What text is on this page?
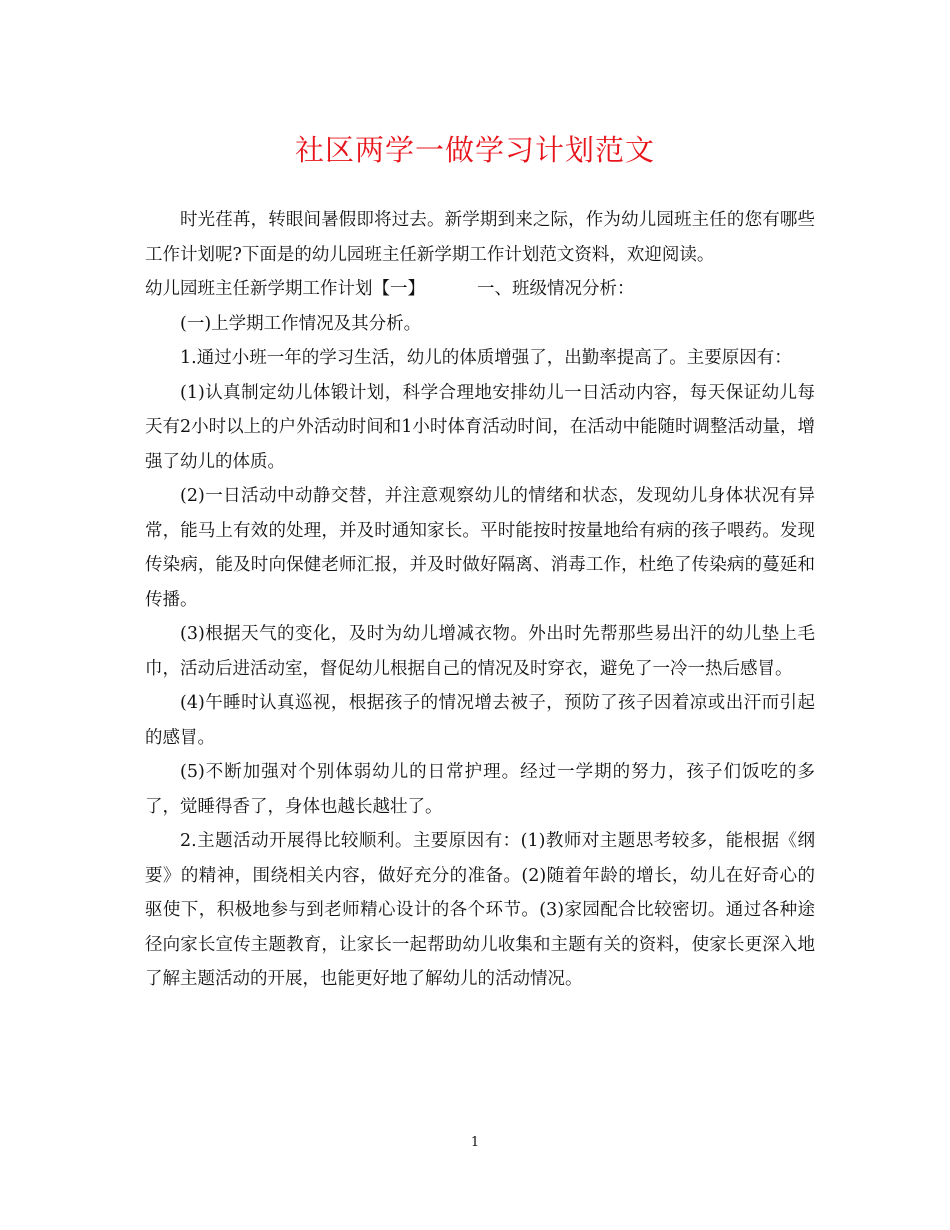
社区两学一做学习计划范文

时光荏苒，转眼间暑假即将过去。新学期到来之际，作为幼儿园班主任的您有哪些工作计划呢?下面是的幼儿园班主任新学期工作计划范文资料，欢迎阅读。

幼儿园班主任新学期工作计划【一】	一、班级情况分析：

(一)上学期工作情况及其分析。

1.通过小班一年的学习生活，幼儿的体质增强了，出勤率提高了。主要原因有：

(1)认真制定幼儿体锻计划，科学合理地安排幼儿一日活动内容，每天保证幼儿每天有2小时以上的户外活动时间和1小时体育活动时间，在活动中能随时调整活动量，增强了幼儿的体质。

(2)一日活动中动静交替，并注意观察幼儿的情绪和状态，发现幼儿身体状况有异常，能马上有效的处理，并及时通知家长。平时能按时按量地给有病的孩子喂药。发现传染病，能及时向保健老师汇报，并及时做好隔离、消毒工作，杜绝了传染病的蔓延和传播。

(3)根据天气的变化，及时为幼儿增减衣物。外出时先帮那些易出汗的幼儿垫上毛巾，活动后进活动室，督促幼儿根据自己的情况及时穿衣，避免了一冷一热后感冒。

(4)午睡时认真巡视，根据孩子的情况增去被子，预防了孩子因着凉或出汗而引起的感冒。

(5)不断加强对个别体弱幼儿的日常护理。经过一学期的努力，孩子们饭吃的多了，觉睡得香了，身体也越长越壮了。

2.主题活动开展得比较顺利。主要原因有：(1)教师对主题思考较多，能根据《纲要》的精神，围绕相关内容，做好充分的准备。(2)随着年龄的增长，幼儿在好奇心的驱使下，积极地参与到老师精心设计的各个环节。(3)家园配合比较密切。通过各种途径向家长宣传主题教育，让家长一起帮助幼儿收集和主题有关的资料，使家长更深入地了解主题活动的开展，也能更好地了解幼儿的活动情况。

1
